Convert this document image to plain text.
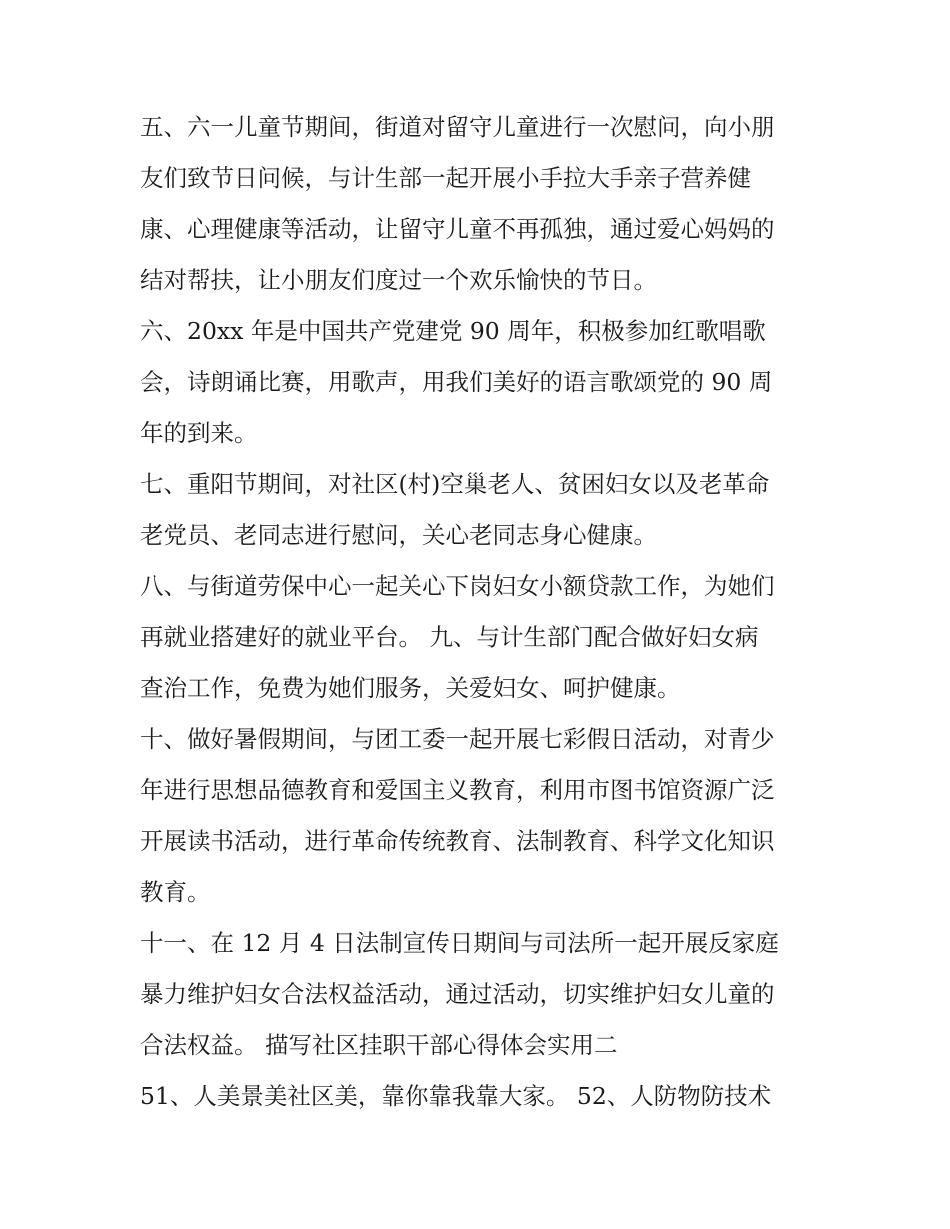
五、六一儿童节期间，街道对留守儿童进行一次慰问，向小朋
友们致节日问候，与计生部一起开展小手拉大手亲子营养健
康、心理健康等活动，让留守儿童不再孤独，通过爱心妈妈的
结对帮扶，让小朋友们度过一个欢乐愉快的节日。
六、20xx 年是中国共产党建党 90 周年，积极参加红歌唱歌
会，诗朗诵比赛，用歌声，用我们美好的语言歌颂党的 90 周
年的到来。
七、重阳节期间，对社区(村)空巢老人、贫困妇女以及老革命
老党员、老同志进行慰问，关心老同志身心健康。
八、与街道劳保中心一起关心下岗妇女小额贷款工作，为她们
再就业搭建好的就业平台。 九、与计生部门配合做好妇女病
查治工作，免费为她们服务，关爱妇女、呵护健康。
十、做好暑假期间，与团工委一起开展七彩假日活动，对青少
年进行思想品德教育和爱国主义教育，利用市图书馆资源广泛
开展读书活动，进行革命传统教育、法制教育、科学文化知识
教育。
十一、在 12 月 4 日法制宣传日期间与司法所一起开展反家庭
暴力维护妇女合法权益活动，通过活动，切实维护妇女儿童的
合法权益。 描写社区挂职干部心得体会实用二
51、人美景美社区美，靠你靠我靠大家。 52、人防物防技术
